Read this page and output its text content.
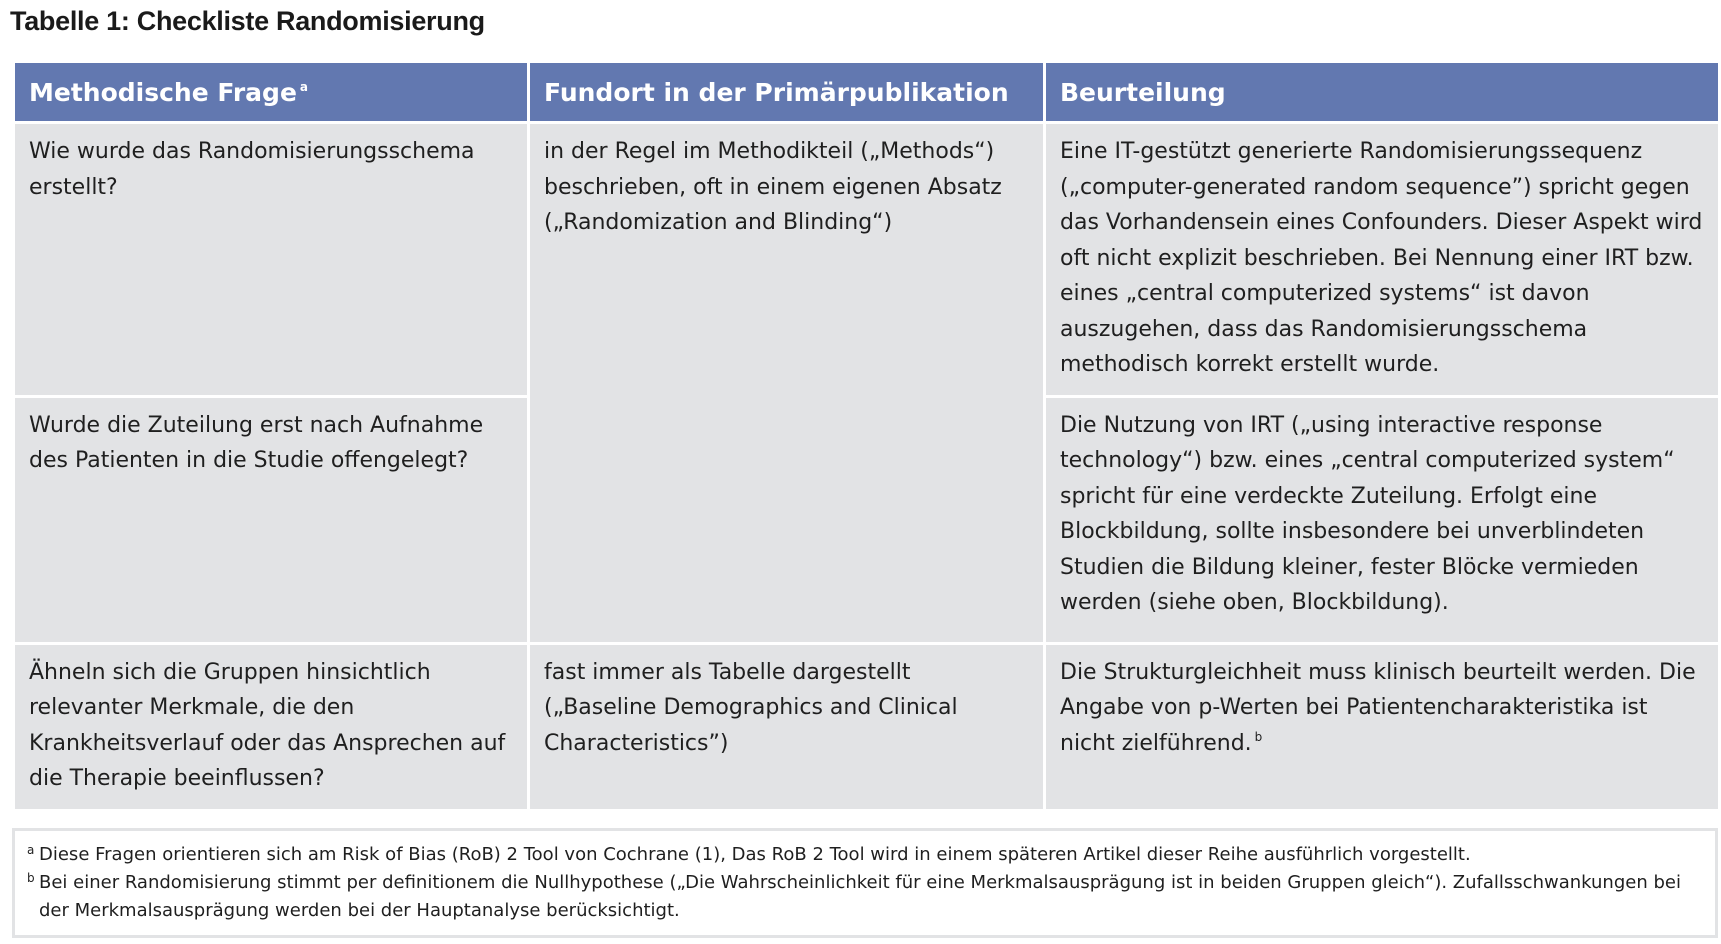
Tabelle 1: Checkliste Randomisierung
Methodische Frage $^a$	Fundort in der Primärpublikation	Beurteilung
Wie wurde das Randomisierungsschema erstellt?	in der Regel im Methodikteil („Methods“) beschrieben, oft in einem eigenen Absatz („Randomization and Blinding“)	Eine IT-gestützt generierte Randomisierungssequenz („computer-generated random sequence”) spricht gegen das Vorhandensein eines Confounders. Dieser Aspekt wird oft nicht explizit beschrieben. Bei Nennung einer IRT bzw. eines „central computerized systems“ ist davon auszugehen, dass das Randomisierungsschema methodisch korrekt erstellt wurde.
Wurde die Zuteilung erst nach Aufnahme des Patienten in die Studie offengelegt?		Die Nutzung von IRT („using interactive response technology“) bzw. eines „central computerized system“ spricht für eine verdeckte Zuteilung. Erfolgt eine Blockbildung, sollte insbesondere bei unverblindeten Studien die Bildung kleiner, fester Blöcke vermieden werden (siehe oben, Blockbildung).
Ähneln sich die Gruppen hinsichtlich relevanter Merkmale, die den Krankheitsverlauf oder das Ansprechen auf die Therapie beeinflussen?	fast immer als Tabelle dargestellt („Baseline Demographics and Clinical Characteristics”)	Die Strukturgleichheit muss klinisch beurteilt werden. Die Angabe von p-Werten bei Patientencharakteristika ist nicht zielführend. $^b$
a Diese Fragen orientieren sich am Risk of Bias (RoB) 2 Tool von Cochrane (1), Das RoB 2 Tool wird in einem späteren Artikel dieser Reihe ausführlich vorgestellt.
b Bei einer Randomisierung stimmt per definitionem die Nullhypothese („Die Wahrscheinlichkeit für eine Merkmalsausprägung ist in beiden Gruppen gleich“). Zufallsschwankungen bei der Merkmalsausprägung werden bei der Hauptanalyse berücksichtigt.
